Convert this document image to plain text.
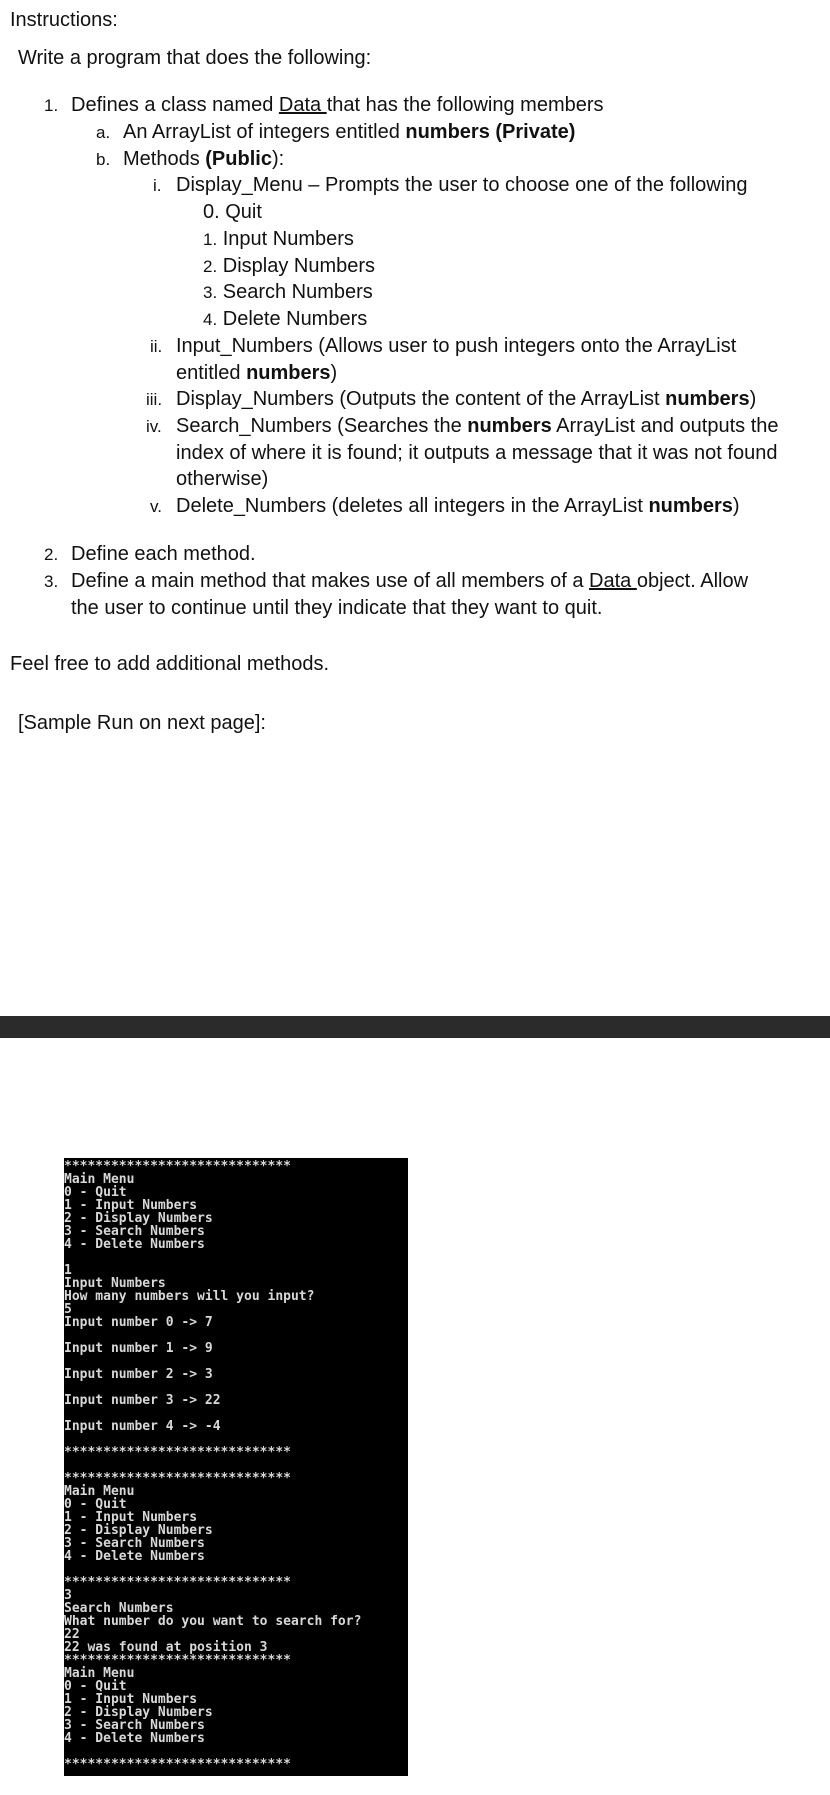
Instructions:
Write a program that does the following:
1. Defines a class named Data that has the following members
a. An ArrayList of integers entitled numbers (Private)
b. Methods (Public):
i. Display_Menu – Prompts the user to choose one of the following
0. Quit
1. Input Numbers
2. Display Numbers
3. Search Numbers
4. Delete Numbers
ii. Input_Numbers (Allows user to push integers onto the ArrayList
entitled numbers)
iii. Display_Numbers (Outputs the content of the ArrayList numbers)
iv. Search_Numbers (Searches the numbers ArrayList and outputs the
index of where it is found; it outputs a message that it was not found
otherwise)
v. Delete_Numbers (deletes all integers in the ArrayList numbers)
2. Define each method.
3. Define a main method that makes use of all members of a Data object. Allow
the user to continue until they indicate that they want to quit.
Feel free to add additional methods.
[Sample Run on next page]:
*****************************
Main Menu
0 - Quit
1 - Input Numbers
2 - Display Numbers
3 - Search Numbers
4 - Delete Numbers
1
Input Numbers
How many numbers will you input?
5
Input number 0 -> 7
Input number 1 -> 9
Input number 2 -> 3
Input number 3 -> 22
Input number 4 -> -4
*****************************
*****************************
Main Menu
0 - Quit
1 - Input Numbers
2 - Display Numbers
3 - Search Numbers
4 - Delete Numbers
*****************************
3
Search Numbers
What number do you want to search for?
22
22 was found at position 3
*****************************
Main Menu
0 - Quit
1 - Input Numbers
2 - Display Numbers
3 - Search Numbers
4 - Delete Numbers
*****************************
